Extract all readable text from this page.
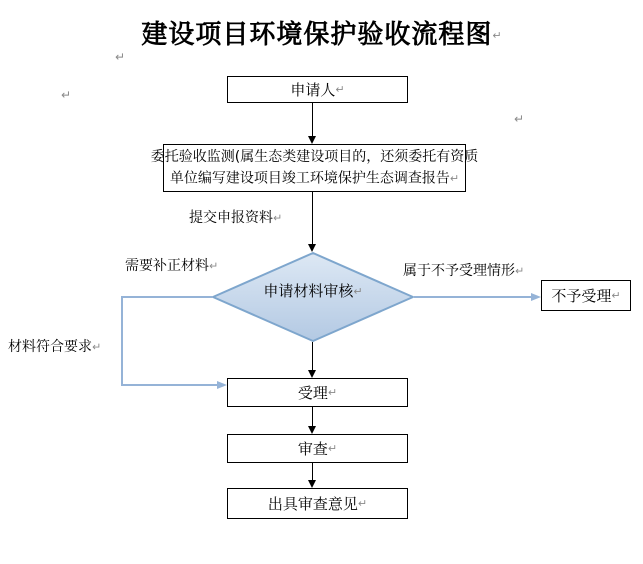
建设项目环境保护验收流程图↵
↵
↵
↵
申请人 ↵
委托验收监测(属生态类建设项目的，还须委托有资质
单位编写建设项目竣工环境保护生态调查报告↵
提交申报资料↵
申请材料审核↵
需要补正材料↵	属于不予受理情形↵
不予受理 ↵
材料符合要求↵
受理 ↵
审查 ↵
出具审查意见 ↵
